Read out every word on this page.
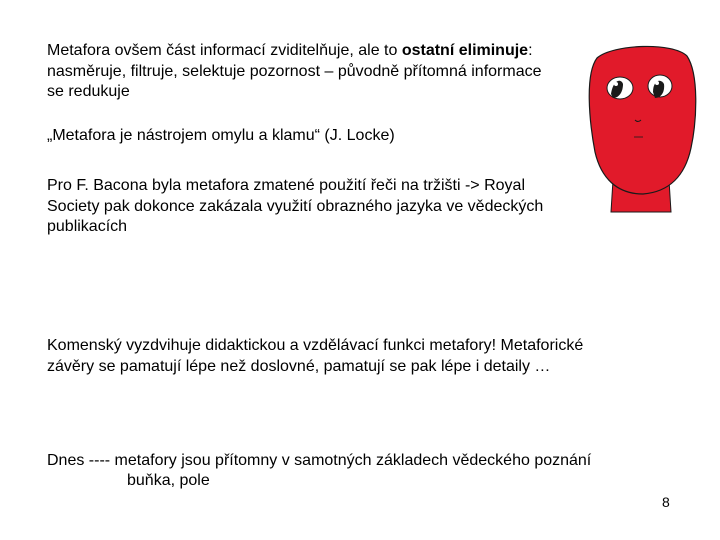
Metafora ovšem část informací zviditelňuje, ale to ostatní eliminuje: nasměruje, filtruje, selektuje pozornost – původně přítomná informace se redukuje
„Metafora je nástrojem omylu a klamu“ (J. Locke)
Pro F. Bacona byla metafora zmatené použití řeči na tržišti -> Royal Society pak dokonce zakázala využití obrazného jazyka ve vědeckých publikacích
Komenský vyzdvihuje didaktickou a vzdělávací funkci metafory! Metaforické závěry se pamatují lépe než doslovné, pamatují se pak lépe i detaily …

Dnes ---- metafory jsou přítomny v samotných základech vědeckého poznání

buňka, pole

8
